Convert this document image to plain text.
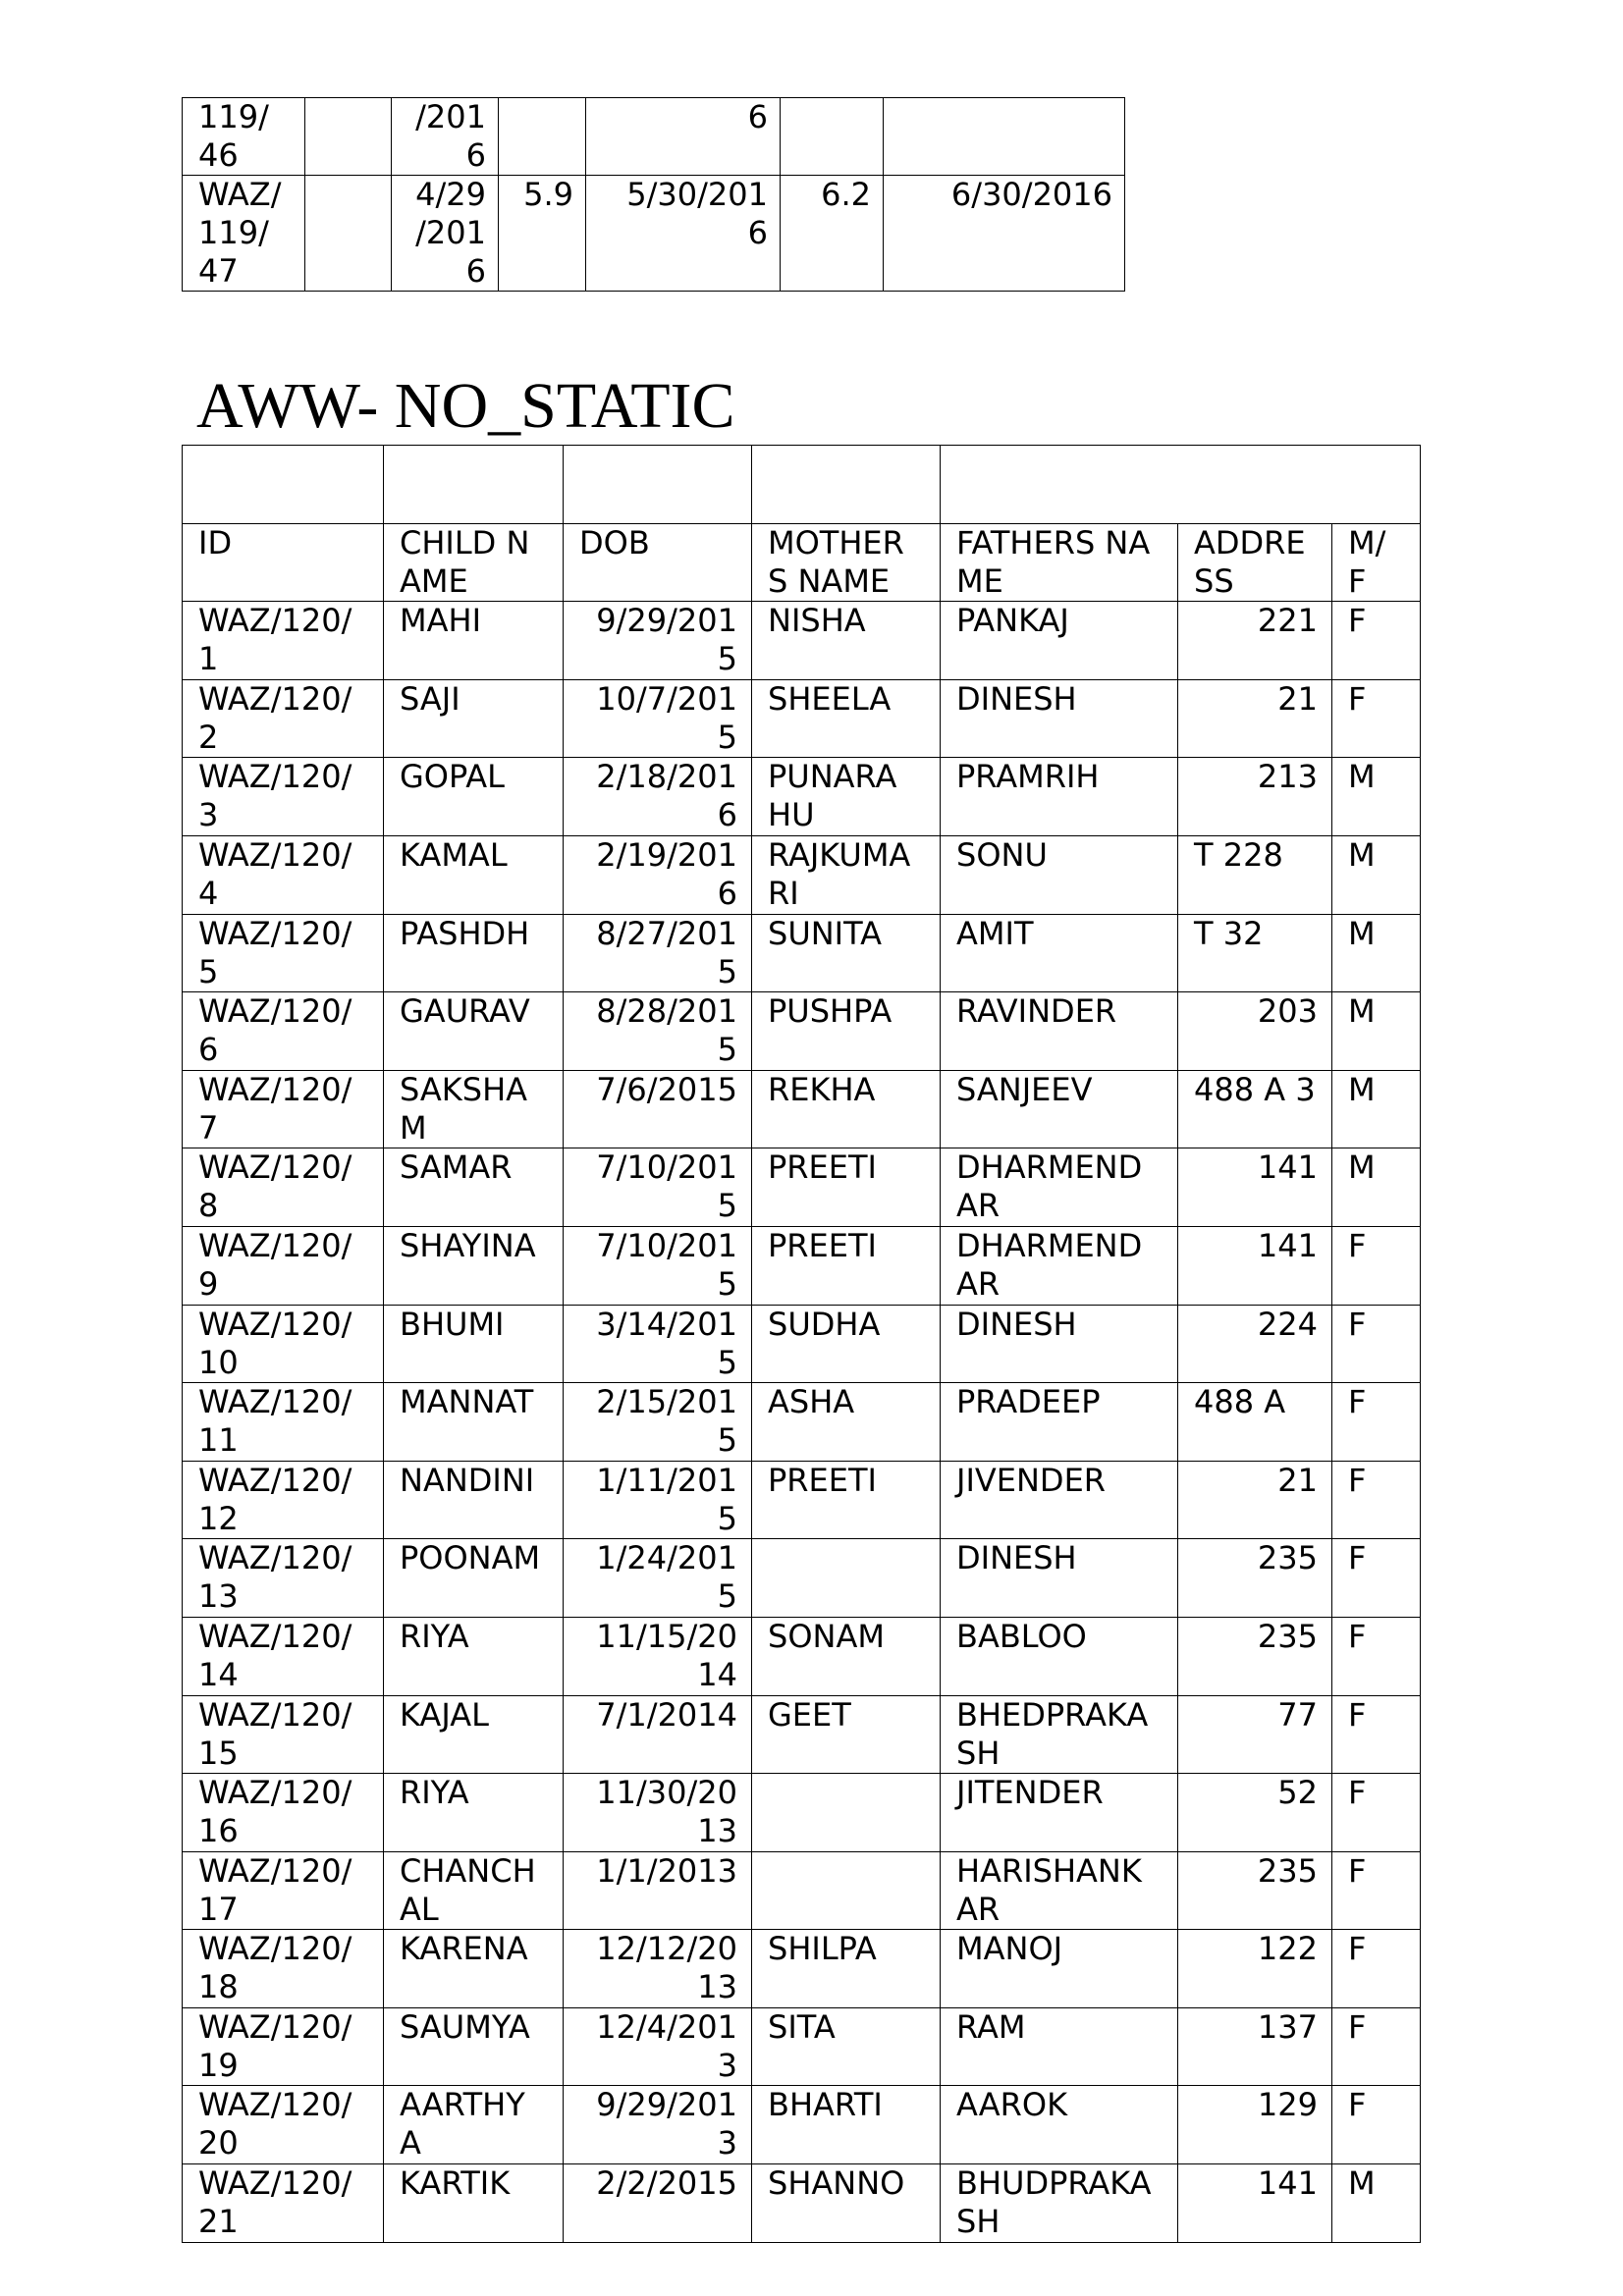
119/ 46		/201 6		6		
WAZ/ 119/ 47		4/29 /201 6	5.9	5/30/201 6	6.2	6/30/2016
AWW- NO_STATIC

ID	CHILD NAME	DOB	MOTHER S NAME	FATHERS NAME	ADDRE SS	M/ F
WAZ/120/ 1	MAHI	9/29/201 5	NISHA	PANKAJ	221	F
WAZ/120/ 2	SAJI	10/7/201 5	SHEELA	DINESH	21	F
WAZ/120/ 3	GOPAL	2/18/201 6	PUNARA HU	PRAMRIH	213	M
WAZ/120/ 4	KAMAL	2/19/201 6	RAJKUMA RI	SONU	T 228	M
WAZ/120/ 5	PASHDH	8/27/201 5	SUNITA	AMIT	T 32	M
WAZ/120/ 6	GAURAV	8/28/201 5	PUSHPA	RAVINDER	203	M
WAZ/120/ 7	SAKSHA M	7/6/2015	REKHA	SANJEEV	488 A 3	M
WAZ/120/ 8	SAMAR	7/10/201 5	PREETI	DHARMEND AR	141	M
WAZ/120/ 9	SHAYINA	7/10/201 5	PREETI	DHARMEND AR	141	F
WAZ/120/ 10	BHUMI	3/14/201 5	SUDHA	DINESH	224	F
WAZ/120/ 11	MANNAT	2/15/201 5	ASHA	PRADEEP	488 A	F
WAZ/120/ 12	NANDINI	1/11/201 5	PREETI	JIVENDER	21	F
WAZ/120/ 13	POONAM	1/24/201 5		DINESH	235	F
WAZ/120/ 14	RIYA	11/15/20 14	SONAM	BABLOO	235	F
WAZ/120/ 15	KAJAL	7/1/2014	GEET	BHEDPRAKA SH	77	F
WAZ/120/ 16	RIYA	11/30/20 13		JITENDER	52	F
WAZ/120/ 17	CHANCH AL	1/1/2013		HARISHANK AR	235	F
WAZ/120/ 18	KARENA	12/12/20 13	SHILPA	MANOJ	122	F
WAZ/120/ 19	SAUMYA	12/4/201 3	SITA	RAM	137	F
WAZ/120/ 20	AARTHY A	9/29/201 3	BHARTI	AAROK	129	F
WAZ/120/ 21	KARTIK	2/2/2015	SHANNO	BHUDPRAKA SH	141	M
